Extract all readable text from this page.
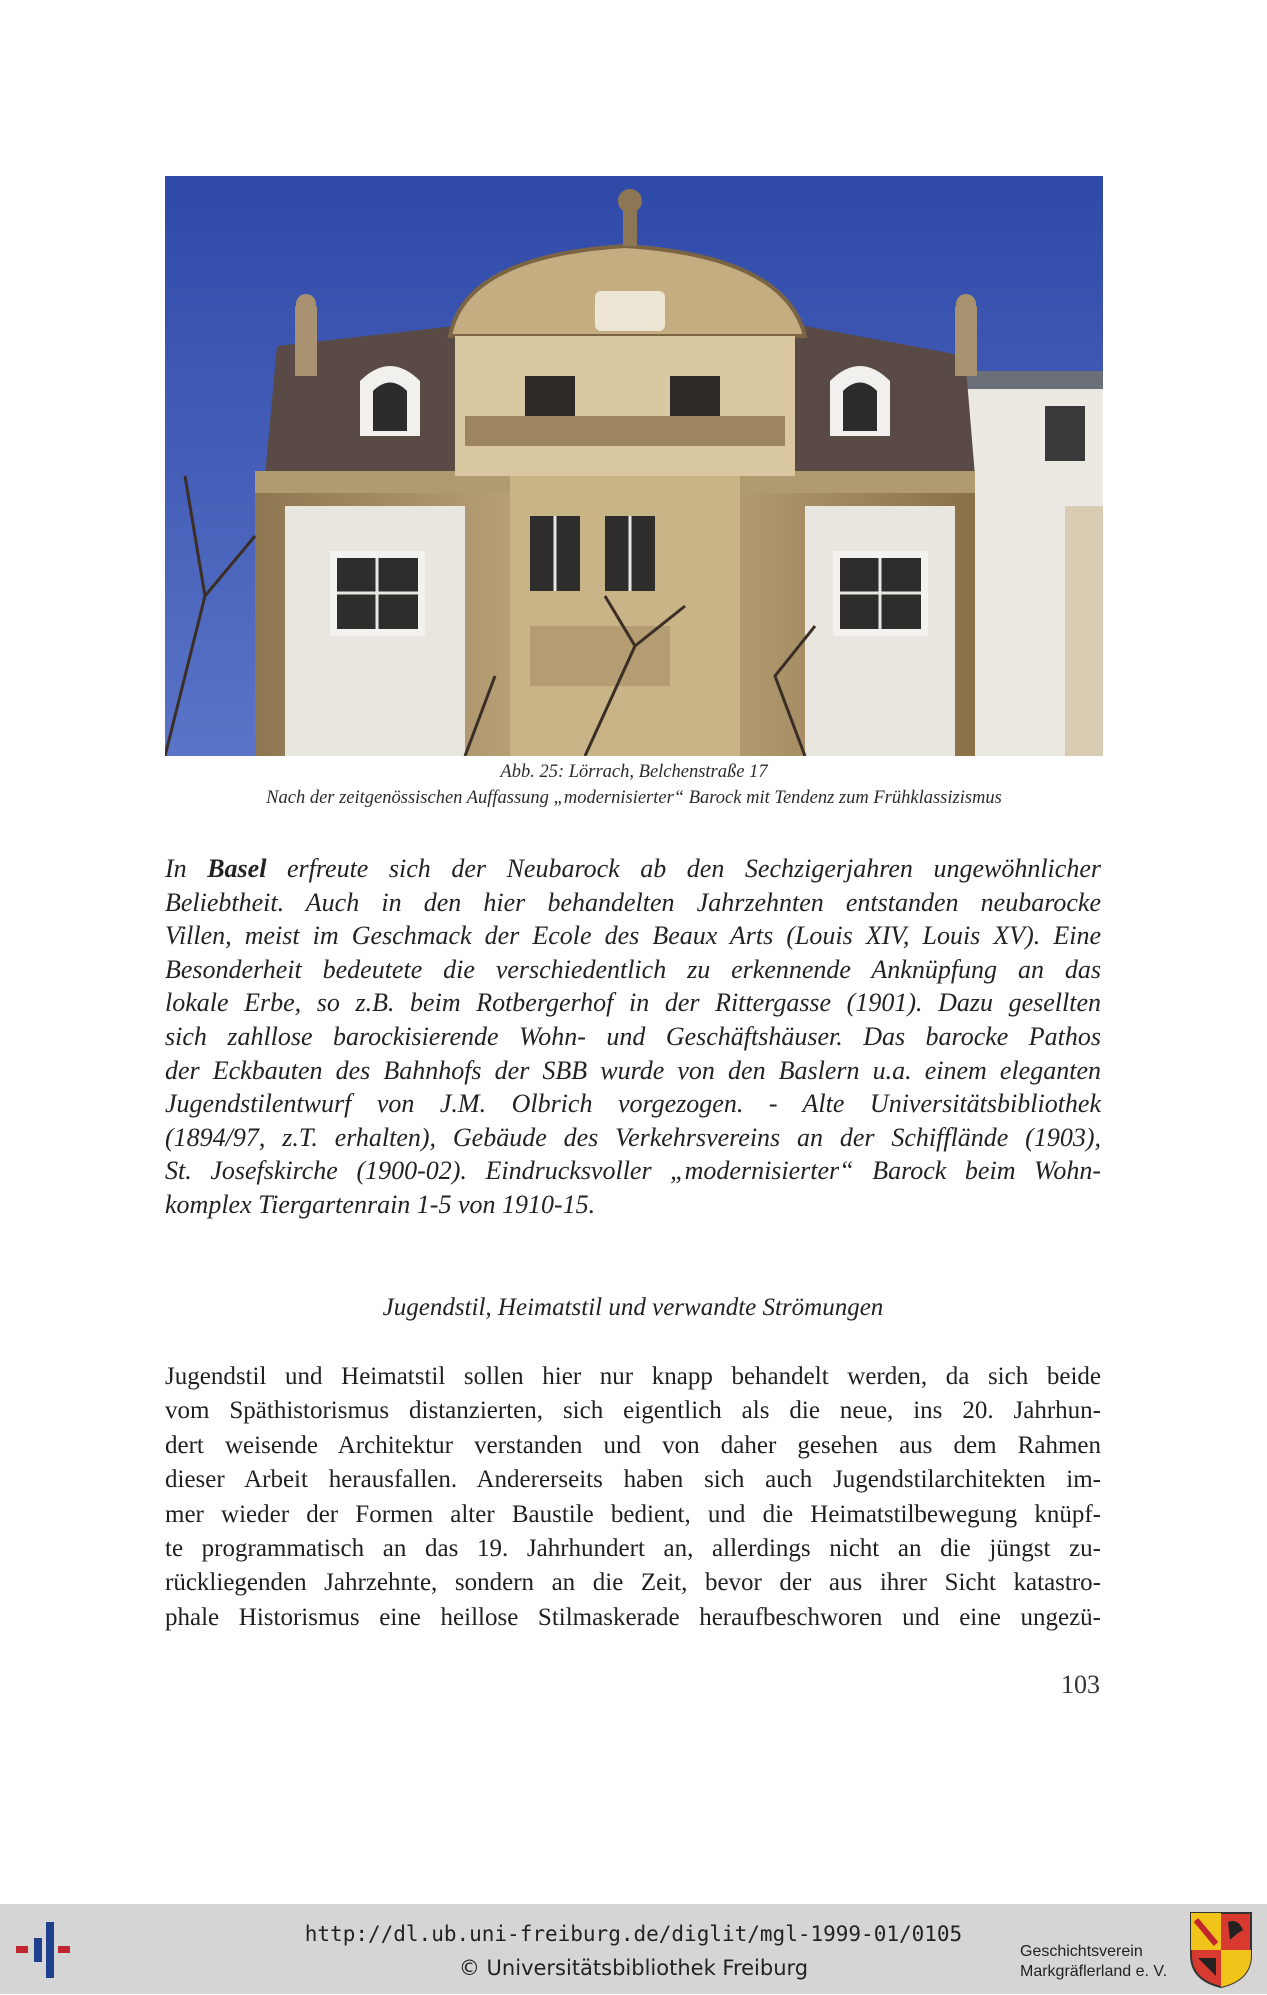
Abb. 25: Lörrach, Belchenstraße 17
Nach der zeitgenössischen Auffassung „modernisierter“ Barock mit Tendenz zum Frühklassizismus
In Basel erfreute sich der Neubarock ab den Sechzigerjahren ungewöhnlicher
Beliebtheit. Auch in den hier behandelten Jahrzehnten entstanden neubarocke
Villen, meist im Geschmack der Ecole des Beaux Arts (Louis XIV, Louis XV). Eine
Besonderheit bedeutete die verschiedentlich zu erkennende Anknüpfung an das
lokale Erbe, so z.B. beim Rotbergerhof in der Rittergasse (1901). Dazu gesellten
sich zahllose barockisierende Wohn- und Geschäftshäuser. Das barocke Pathos
der Eckbauten des Bahnhofs der SBB wurde von den Baslern u.a. einem eleganten
Jugendstilentwurf von J.M. Olbrich vorgezogen. - Alte Universitätsbibliothek
(1894/97, z.T. erhalten), Gebäude des Verkehrsvereins an der Schifflände (1903),
St. Josefskirche (1900-02). Eindrucksvoller „modernisierter“ Barock beim Wohn-
komplex Tiergartenrain 1-5 von 1910-15.
Jugendstil, Heimatstil und verwandte Strömungen
Jugendstil und Heimatstil sollen hier nur knapp behandelt werden, da sich beide
vom Späthistorismus distanzierten, sich eigentlich als die neue, ins 20. Jahrhun-
dert weisende Architektur verstanden und von daher gesehen aus dem Rahmen
dieser Arbeit herausfallen. Andererseits haben sich auch Jugendstilarchitekten im-
mer wieder der Formen alter Baustile bedient, und die Heimatstilbewegung knüpf-
te programmatisch an das 19. Jahrhundert an, allerdings nicht an die jüngst zu-
rückliegenden Jahrzehnte, sondern an die Zeit, bevor der aus ihrer Sicht katastro-
phale Historismus eine heillose Stilmaskerade heraufbeschworen und eine ungezü-
103
http://dl.ub.uni-freiburg.de/diglit/mgl-1999-01/0105
© Universitätsbibliothek Freiburg
Geschichtsverein
Markgräflerland e. V.
